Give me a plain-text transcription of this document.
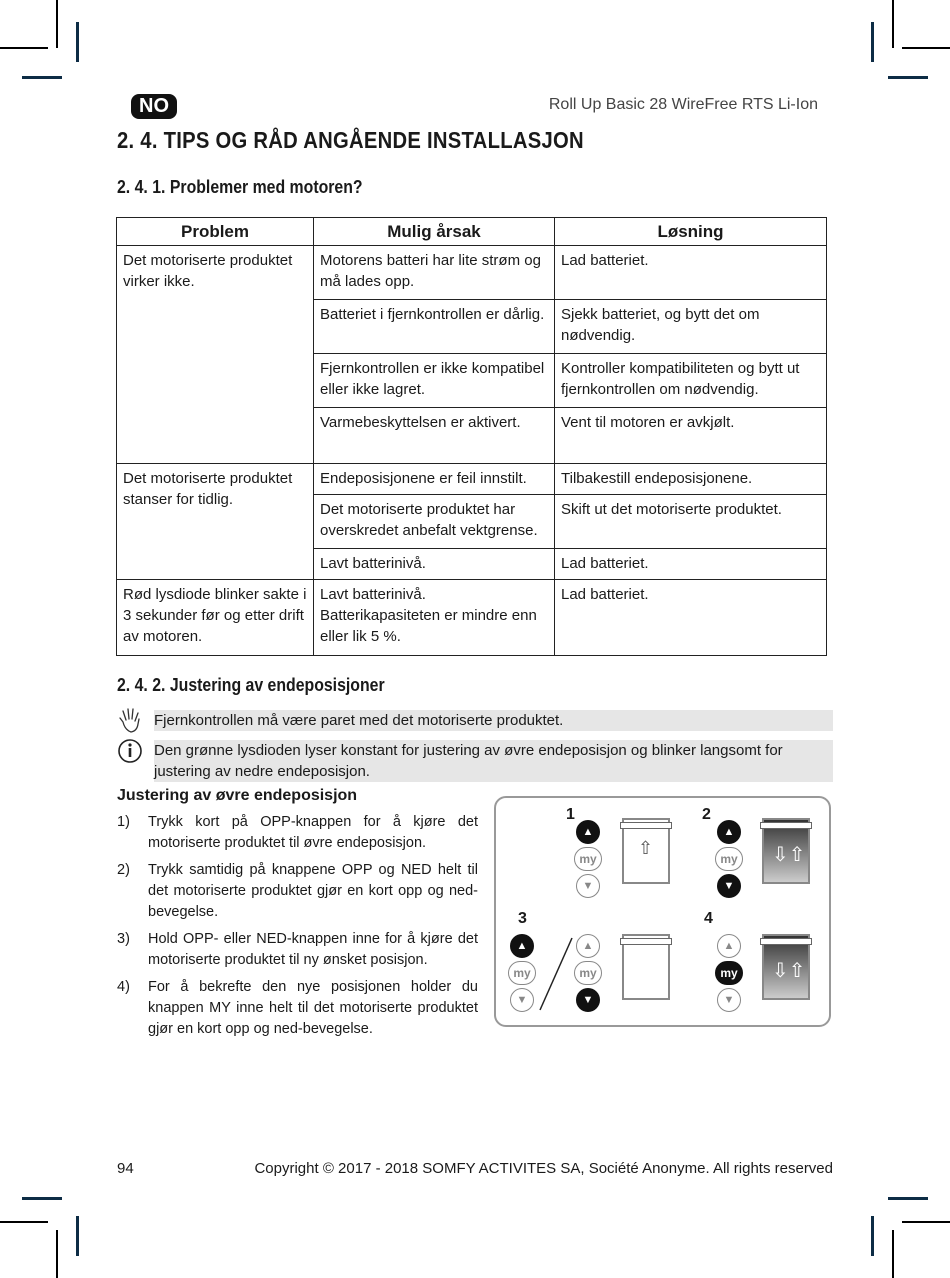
NO	Roll Up Basic 28 WireFree RTS Li-Ion
2. 4. TIPS OG RÅD ANGÅENDE INSTALLASJON
2. 4. 1. Problemer med motoren?
Problem	Mulig årsak	Løsning
Det motoriserte produktet virker ikke.	Motorens batteri har lite strøm og må lades opp.	Lad batteriet.
	Batteriet i fjernkontrollen er dårlig.	Sjekk batteriet, og bytt det om nødvendig.
	Fjernkontrollen er ikke kompatibel eller ikke lagret.	Kontroller kompatibiliteten og bytt ut fjernkontrollen om nødvendig.
	Varmebeskyttelsen er aktivert.	Vent til motoren er avkjølt.
Det motoriserte produktet stanser for tidlig.	Endeposisjonene er feil innstilt.	Tilbakestill endeposisjonene.
	Det motoriserte produktet har overskredet anbefalt vektgrense.	Skift ut det motoriserte produktet.
	Lavt batterinivå.	Lad batteriet.
Rød lysdiode blinker sakte i 3 sekunder før og etter drift av motoren.	Lavt batterinivå. Batterikapasiteten er mindre enn eller lik 5 %.	Lad batteriet.
2. 4. 2. Justering av endeposisjoner
Fjernkontrollen må være paret med det motoriserte produktet.
Den grønne lysdioden lyser konstant for justering av øvre endeposisjon og blinker langsomt for justering av nedre endeposisjon.
Justering av øvre endeposisjon
1) Trykk kort på OPP-knappen for å kjøre det motoriserte produktet til øvre endeposisjon.
2) Trykk samtidig på knappene OPP og NED helt til det motoriserte produktet gjør en kort opp og ned-bevegelse.
3) Hold OPP- eller NED-knappen inne for å kjøre det motoriserte produktet til ny ønsket posisjon.
4) For å bekrefte den nye posisjonen holder du knappen MY inne helt til det motoriserte produktet gjør en kort opp og ned-bevegelse.
1	2
3	4
▲
my
▼
⇧
▲
my
▼
⇩⇧
▲
my
▼
▲
my
▼
▲
my
▼
⇩⇧
94	Copyright © 2017 - 2018 SOMFY ACTIVITES SA, Société Anonyme. All rights reserved
